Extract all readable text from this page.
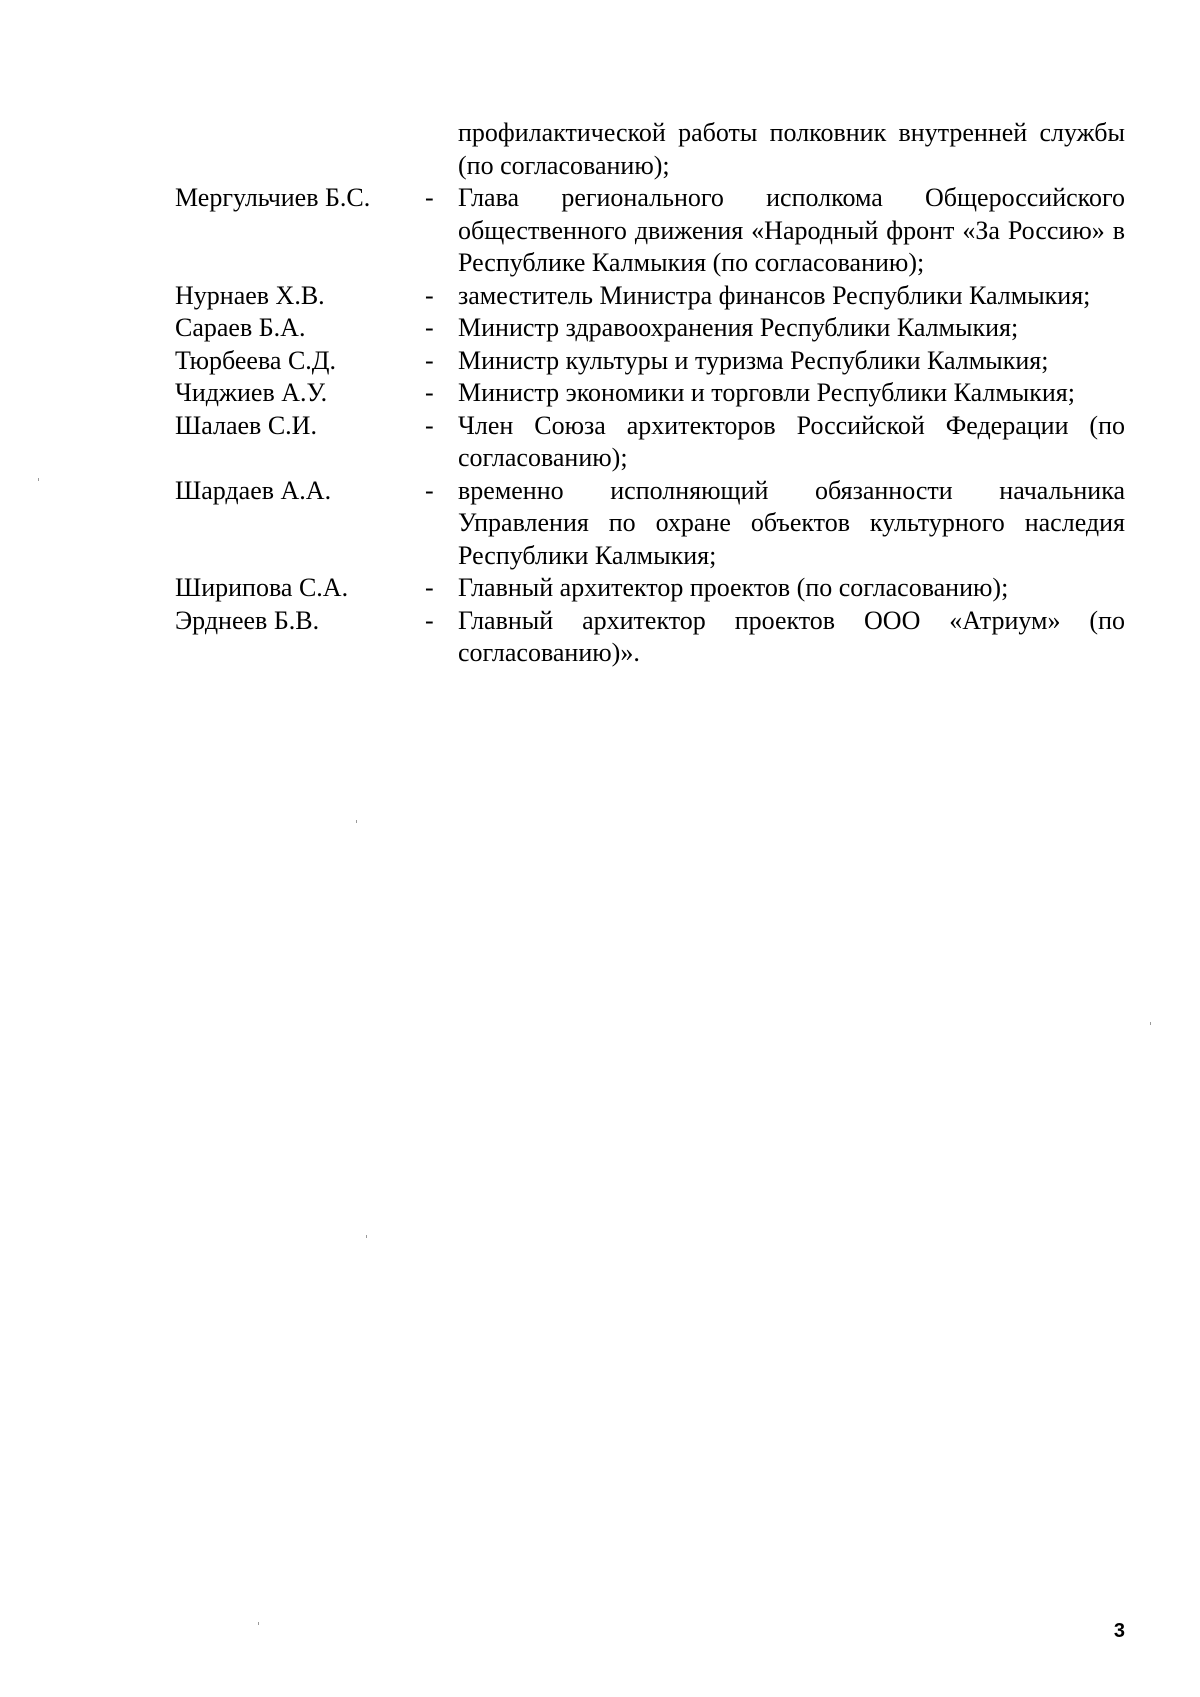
профилактической работы полковник внутренней службы (по согласованию);
Мергульчиев Б.С.	- Глава регионального исполкома Общероссийского общественного движения «Народный фронт «За Россию» в Республике Калмыкия (по согласованию);
Нурнаев Х.В.	- заместитель Министра финансов Республики Калмыкия;
Сараев Б.А.	- Министр здравоохранения Республики Калмыкия;
Тюрбеева С.Д.	- Министр культуры и туризма Республики Калмыкия;
Чиджиев А.У.	- Министр экономики и торговли Республики Калмыкия;
Шалаев С.И.	- Член Союза архитекторов Российской Федерации (по согласованию);
Шардаев А.А.	- временно исполняющий обязанности начальника Управления по охране объектов культурного наследия Республики Калмыкия;
Ширипова С.А.	- Главный архитектор проектов (по согласованию);
Эрднеев Б.В.	- Главный архитектор проектов ООО «Атриум» (по согласованию)».
3
